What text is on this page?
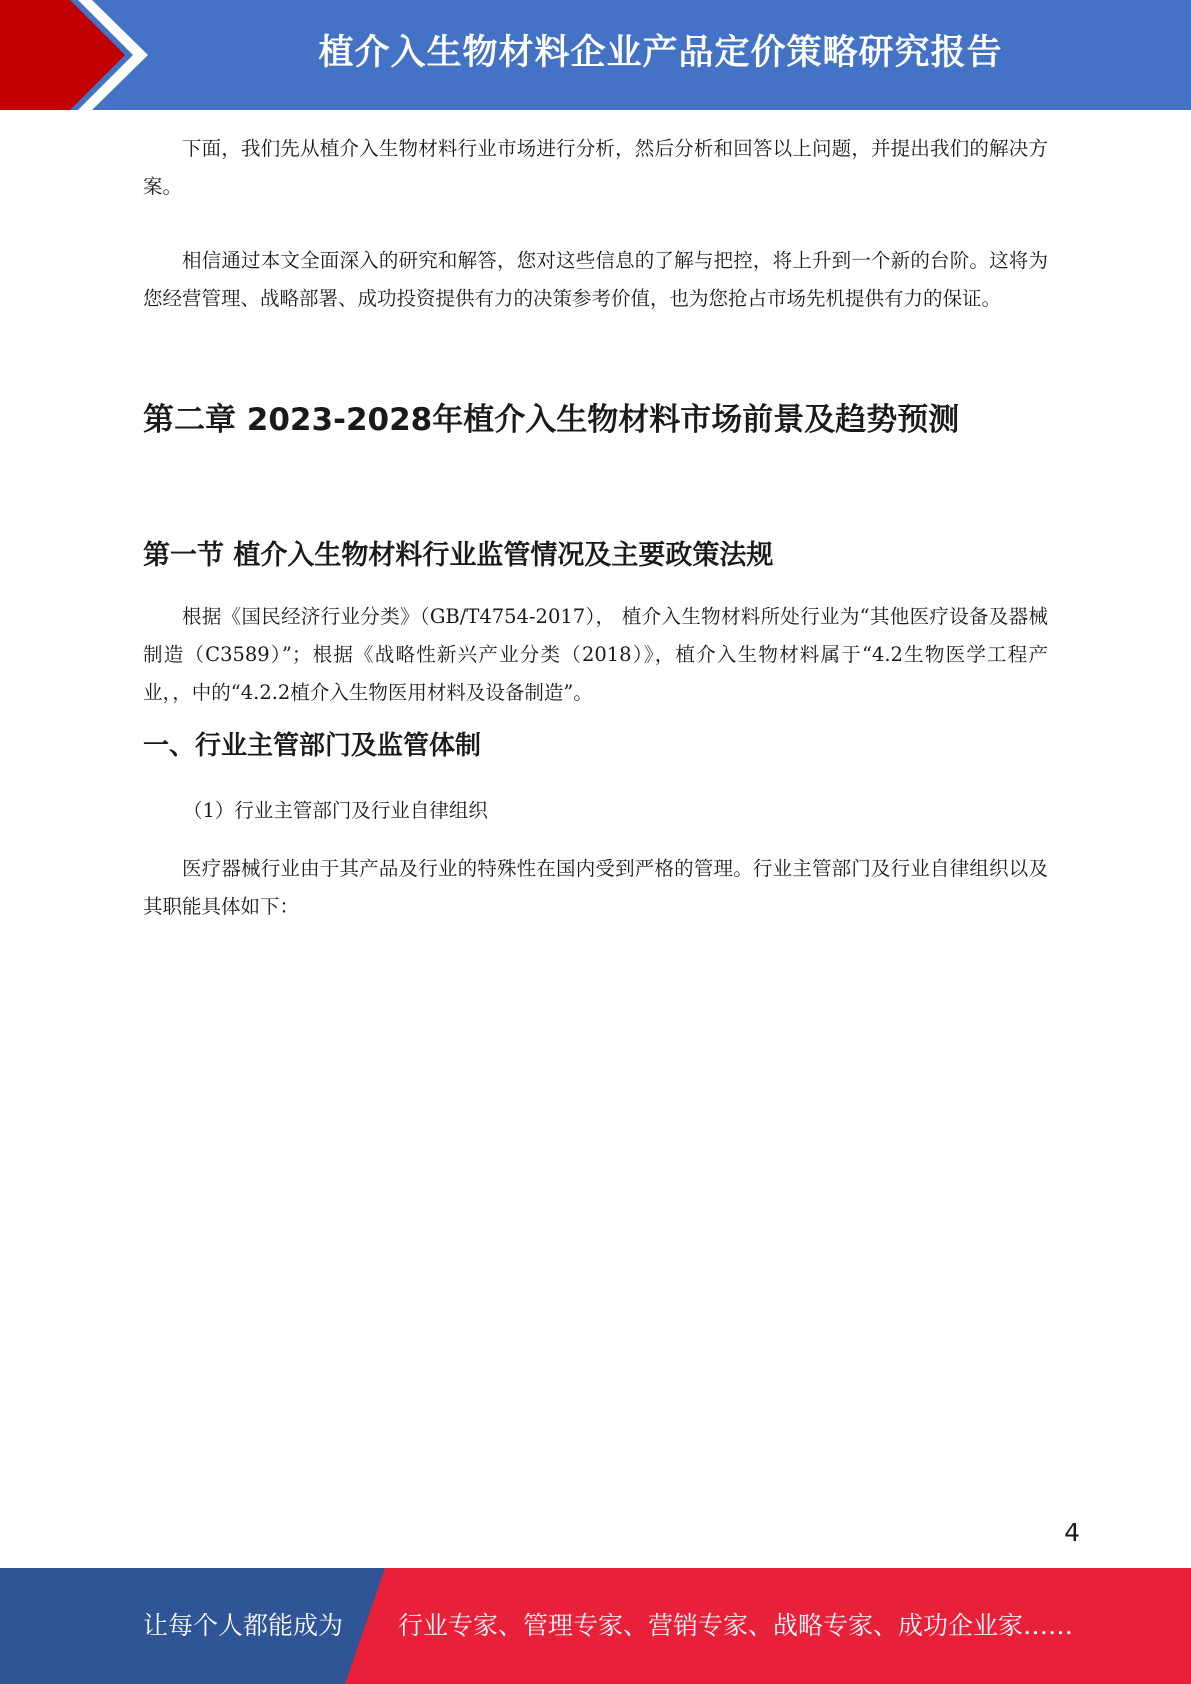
植介入生物材料企业产品定价策略研究报告

下面，我们先从植介入生物材料行业市场进行分析，然后分析和回答以上问题，并提出我们的解决方案。

相信通过本文全面深入的研究和解答，您对这些信息的了解与把控，将上升到一个新的台阶。这将为您经营管理、战略部署、成功投资提供有力的决策参考价值，也为您抢占市场先机提供有力的保证。

第二章 2023-2028年植介入生物材料市场前景及趋势预测
第一节 植介入生物材料行业监管情况及主要政策法规

根据《国民经济行业分类》（GB/T4754-2017）， 植介入生物材料所处行业为“其他医疗设备及器械制造（C3589）”；根据《战略性新兴产业分类（2018）》，植介入生物材料属于“4.2生物医学工程产业，，中的“4.2.2植介入生物医用材料及设备制造”。

一、行业主管部门及监管体制

（1）行业主管部门及行业自律组织

医疗器械行业由于其产品及行业的特殊性在国内受到严格的管理。行业主管部门及行业自律组织以及其职能具体如下：

4
让每个人都能成为 行业专家、管理专家、营销专家、战略专家、成功企业家……
